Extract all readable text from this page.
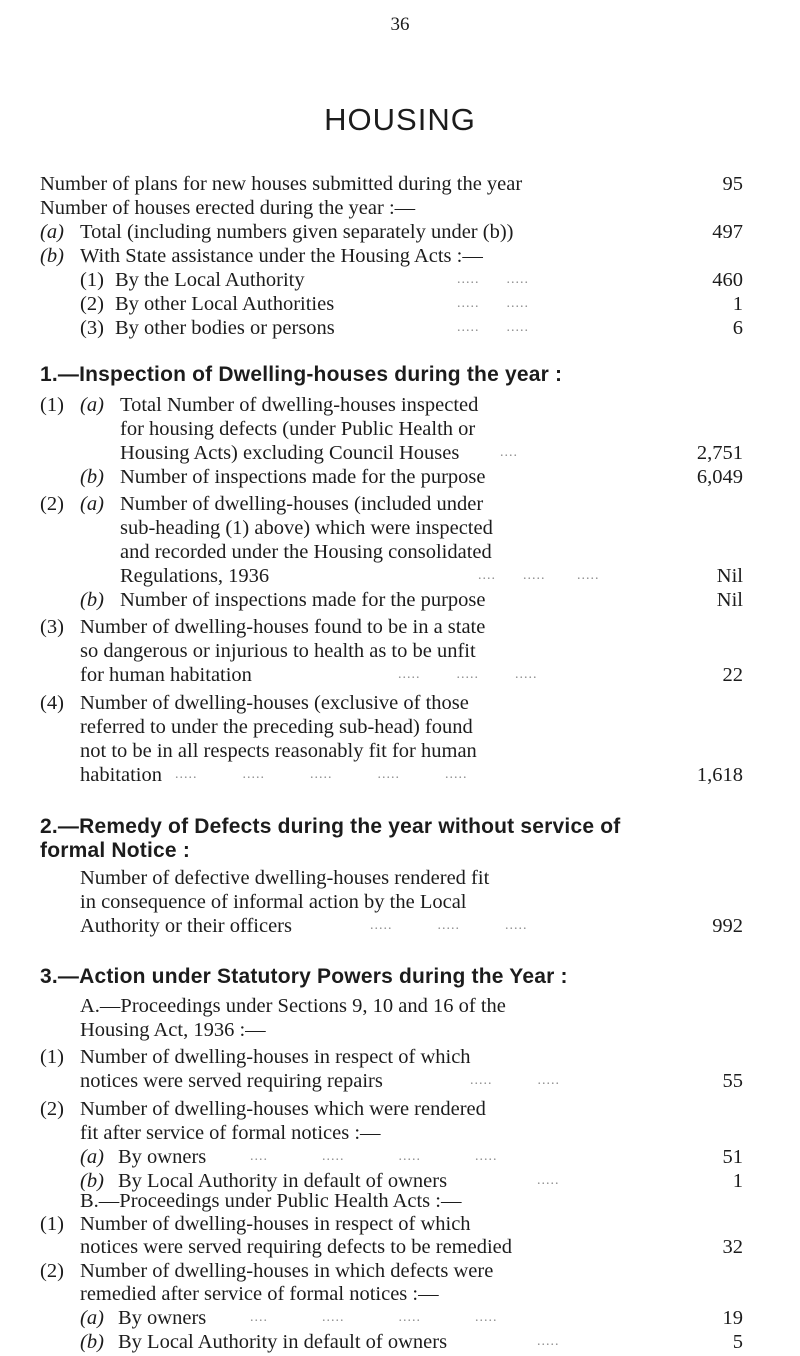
36
HOUSING
Number of plans for new houses submitted during the year	95
Number of houses erected during the year :—
(a) Total (including numbers given separately under (b))	497
(b) With State assistance under the Housing Acts :—
(1) By the Local Authority	.....      .....	460
(2) By other Local Authorities	.....      .....	1
(3) By other bodies or persons	.....      .....	6
1.—Inspection of Dwelling-houses during the year :
(1) (a) Total Number of dwelling-houses inspected
for housing defects (under Public Health or
Housing Acts) excluding Council Houses	....	2,751
(b) Number of inspections made for the purpose	6,049
(2) (a) Number of dwelling-houses (included under
sub-heading (1) above) which were inspected
and recorded under the Housing consolidated
Regulations, 1936	....      .....       .....	Nil
(b) Number of inspections made for the purpose	Nil
(3) Number of dwelling-houses found to be in a state
so dangerous or injurious to health as to be unfit
for human habitation	.....        .....        .....	22
(4) Number of dwelling-houses (exclusive of those
referred to under the preceding sub-head) found
not to be in all respects reasonably fit for human
habitation .....          .....          .....          .....          .....	1,618
2.—Remedy of Defects during the year without service of
formal Notice :
Number of defective dwelling-houses rendered fit
in consequence of informal action by the Local
Authority or their officers	.....          .....          .....	992
3.—Action under Statutory Powers during the Year :
A.—Proceedings under Sections 9, 10 and 16 of the
Housing Act, 1936 :—
(1) Number of dwelling-houses in respect of which
notices were served requiring repairs	.....          .....	55
(2) Number of dwelling-houses which were rendered
fit after service of formal notices :—
(a) By owners	....            .....            .....            .....	51
(b) By Local Authority in default of owners	.....	1
B.—Proceedings under Public Health Acts :—
(1) Number of dwelling-houses in respect of which
notices were served requiring defects to be remedied	32
(2) Number of dwelling-houses in which defects were
remedied after service of formal notices :—
(a) By owners	....            .....            .....            .....	19
(b) By Local Authority in default of owners	.....	5
